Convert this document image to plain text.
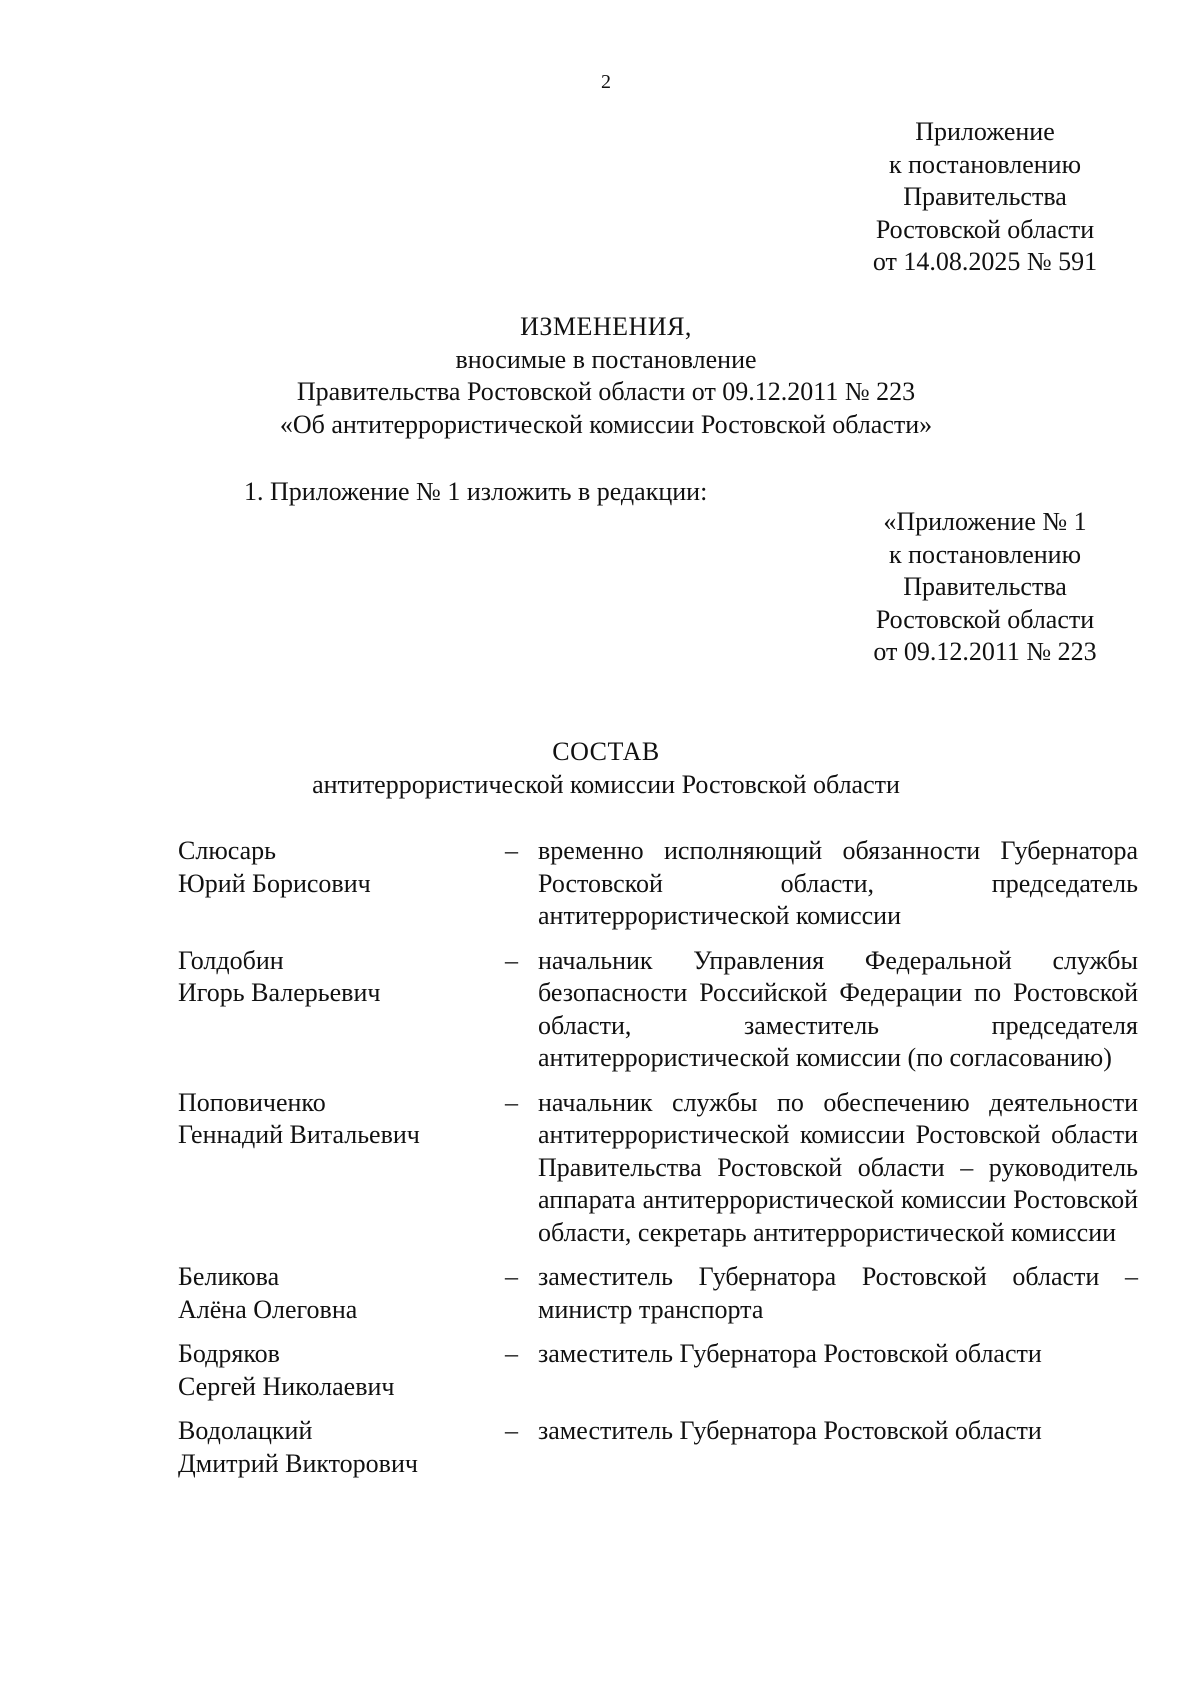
2
Приложение
к постановлению
Правительства
Ростовской области
от 14.08.2025 № 591
ИЗМЕНЕНИЯ,
вносимые в постановление
Правительства Ростовской области от 09.12.2011 № 223
«Об антитеррористической комиссии Ростовской области»
1. Приложение № 1 изложить в редакции:
«Приложение № 1
к постановлению
Правительства
Ростовской области
от 09.12.2011 № 223
СОСТАВ
антитеррористической комиссии Ростовской области
Слюсарь
Юрий Борисович
– временно исполняющий обязанности Губернатора Ростовской области, председатель антитеррористической комиссии
Голдобин
Игорь Валерьевич
– начальник Управления Федеральной службы безопасности Российской Федерации по Ростовской области, заместитель председателя антитеррористической комиссии (по согласованию)
Поповиченко
Геннадий Витальевич
– начальник службы по обеспечению деятельности антитеррористической комиссии Ростовской области Правительства Ростовской области – руководитель аппарата антитеррористической комиссии Ростовской области, секретарь антитеррористической комиссии
Беликова
Алёна Олеговна
– заместитель Губернатора Ростовской области – министр транспорта
Бодряков
Сергей Николаевич
– заместитель Губернатора Ростовской области
Водолацкий
Дмитрий Викторович
– заместитель Губернатора Ростовской области
